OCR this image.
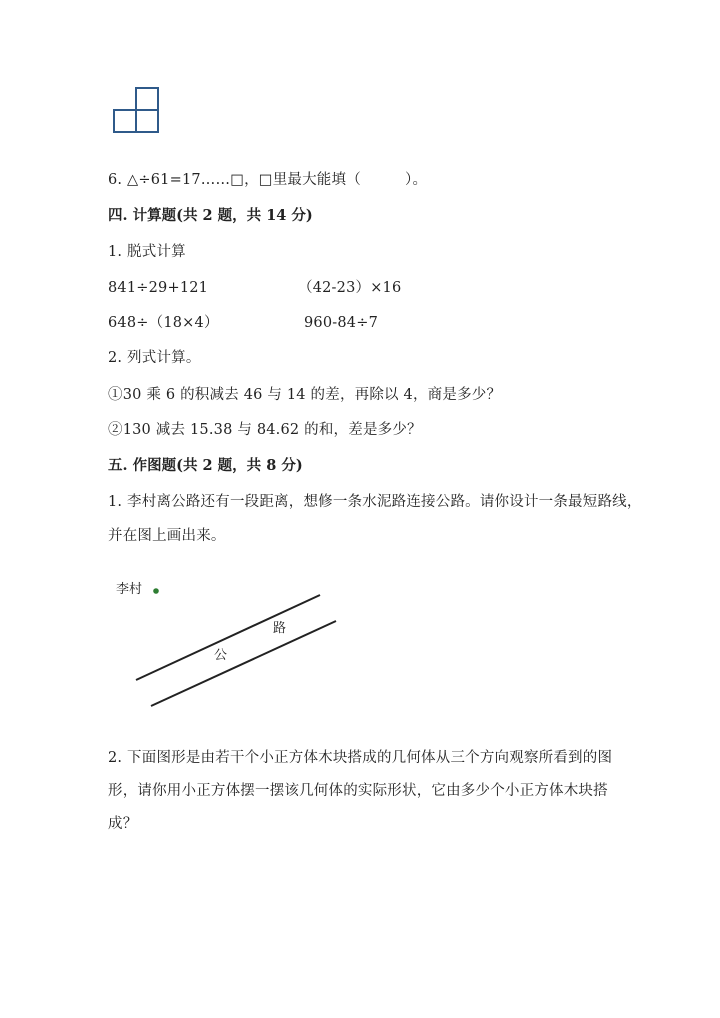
6. △÷61=17……□，□里最大能填（　　　）。
四. 计算题(共 2 题，共 14 分)
1. 脱式计算
841÷29+121	（42-23）×16
648÷（18×4）	960-84÷7
2. 列式计算。
①30 乘 6 的积减去 46 与 14 的差，再除以 4，商是多少？
②130 减去 15.38 与 84.62 的和，差是多少？
五. 作图题(共 2 题，共 8 分)
1. 李村离公路还有一段距离，想修一条水泥路连接公路。请你设计一条最短路线，
并在图上画出来。
李村
公
路
2. 下面图形是由若干个小正方体木块搭成的几何体从三个方向观察所看到的图
形，请你用小正方体摆一摆该几何体的实际形状，它由多少个小正方体木块搭
成？
